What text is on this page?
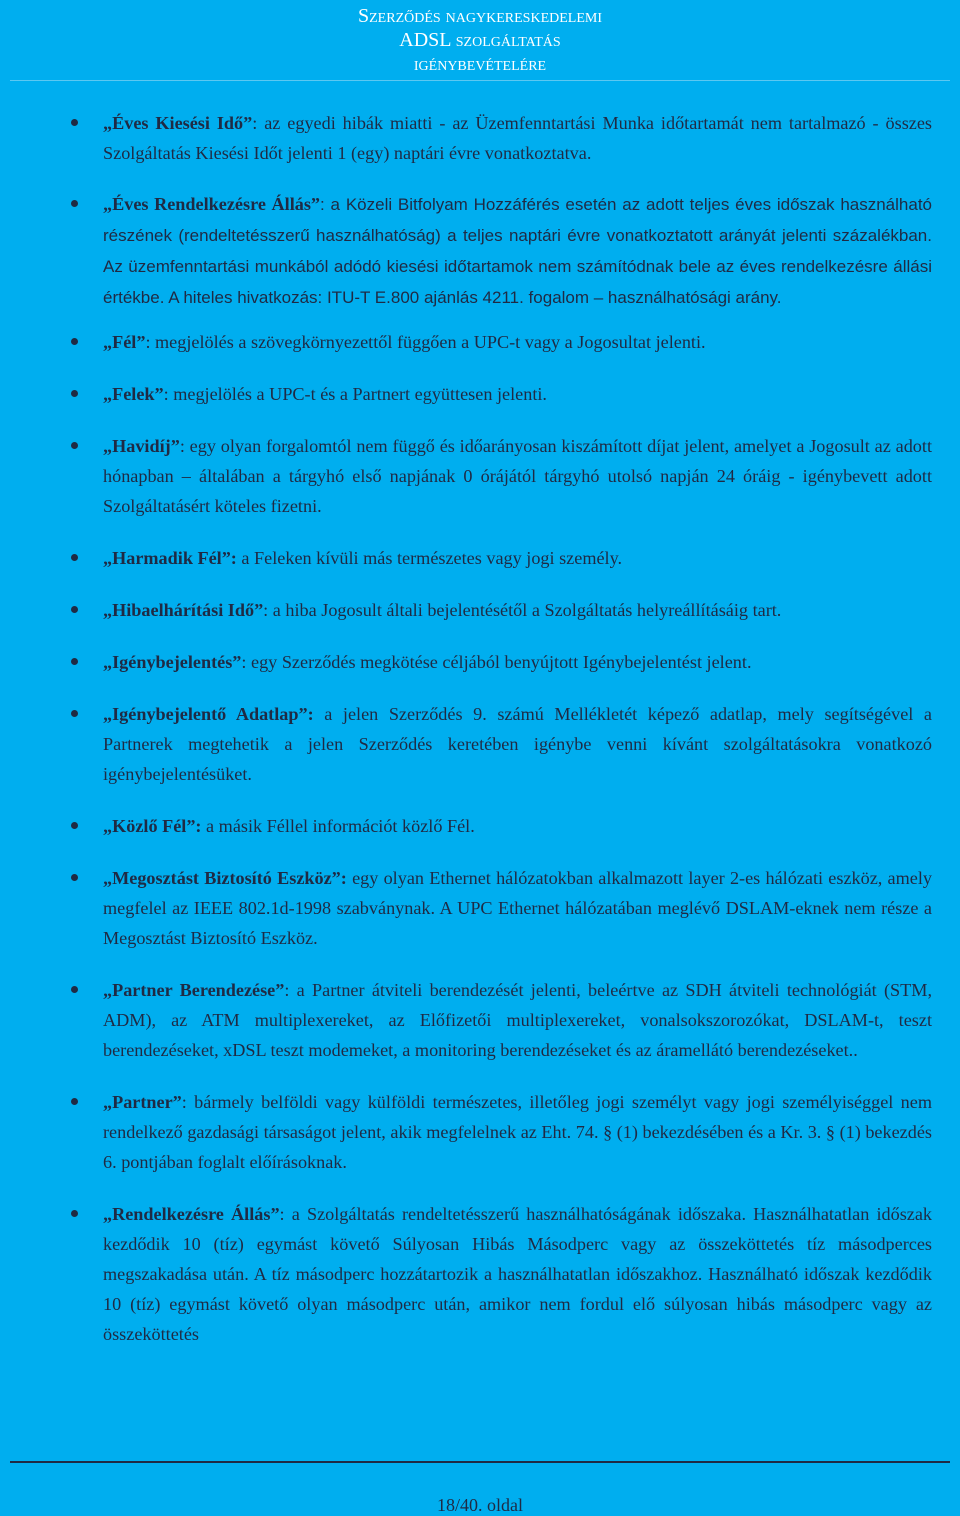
Szerződés nagykereskedelemi
ADSL szolgáltatás
igénybevételére
„Éves Kiesési Idő”: az egyedi hibák miatti - az Üzemfenntartási Munka időtartamát nem tartalmazó - összes Szolgáltatás Kiesési Időt jelenti 1 (egy) naptári évre vonatkoztatva.
„Éves Rendelkezésre Állás”: a Közeli Bitfolyam Hozzáférés esetén az adott teljes éves időszak használható részének (rendeltetésszerű használhatóság) a teljes naptári évre vonatkoztatott arányát jelenti százalékban. Az üzemfenntartási munkából adódó kiesési időtartamok nem számítódnak bele az éves rendelkezésre állási értékbe. A hiteles hivatkozás: ITU-T E.800 ajánlás 4211. fogalom – használhatósági arány.
„Fél”: megjelölés a szövegkörnyezettől függően a UPC-t vagy a Jogosultat jelenti.
„Felek”: megjelölés a UPC-t és a Partnert együttesen jelenti.
„Havidíj”: egy olyan forgalomtól nem függő és időarányosan kiszámított díjat jelent, amelyet a Jogosult az adott hónapban – általában a tárgyhó első napjának 0 órájától tárgyhó utolsó napján 24 óráig - igénybevett adott Szolgáltatásért köteles fizetni.
„Harmadik Fél”: a Feleken kívüli más természetes vagy jogi személy.
„Hibaelhárítási Idő”: a hiba Jogosult általi bejelentésétől a Szolgáltatás helyreállításáig tart.
„Igénybejelentés”: egy Szerződés megkötése céljából benyújtott Igénybejelentést jelent.
„Igénybejelentő Adatlap”: a jelen Szerződés 9. számú Mellékletét képező adatlap, mely segítségével a Partnerek megtehetik a jelen Szerződés keretében igénybe venni kívánt szolgáltatásokra vonatkozó igénybejelentésüket.
„Közlő Fél”: a másik Féllel információt közlő Fél.
„Megosztást Biztosító Eszköz”: egy olyan Ethernet hálózatokban alkalmazott layer 2-es hálózati eszköz, amely megfelel az IEEE 802.1d-1998 szabványnak. A UPC Ethernet hálózatában meglévő DSLAM-eknek nem része a Megosztást Biztosító Eszköz.
„Partner Berendezése”: a Partner átviteli berendezését jelenti, beleértve az SDH átviteli technológiát (STM, ADM), az ATM multiplexereket, az Előfizetői multiplexereket, vonalsokszorozókat, DSLAM-t, teszt berendezéseket, xDSL teszt modemeket, a monitoring berendezéseket és az áramellátó berendezéseket..
„Partner”: bármely belföldi vagy külföldi természetes, illetőleg jogi személyt vagy jogi személyiséggel nem rendelkező gazdasági társaságot jelent, akik megfelelnek az Eht. 74. § (1) bekezdésében és a Kr. 3. § (1) bekezdés 6. pontjában foglalt előírásoknak.
„Rendelkezésre Állás”: a Szolgáltatás rendeltetésszerű használhatóságának időszaka. Használhatatlan időszak kezdődik 10 (tíz) egymást követő Súlyosan Hibás Másodperc vagy az összeköttetés tíz másodperces megszakadása után. A tíz másodperc hozzátartozik a használhatatlan időszakhoz. Használható időszak kezdődik 10 (tíz) egymást követő olyan másodperc után, amikor nem fordul elő súlyosan hibás másodperc vagy az összeköttetés
18/40. oldal
